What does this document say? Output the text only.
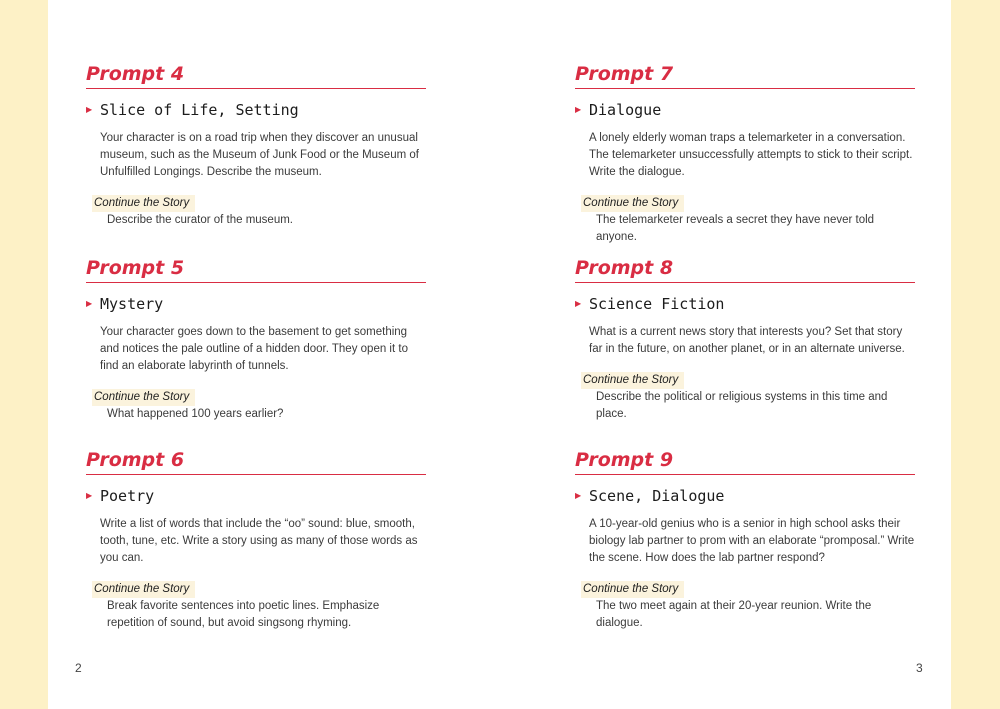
Prompt 4
▶ Slice of Life, Setting
Your character is on a road trip when they discover an unusual museum, such as the Museum of Junk Food or the Museum of Unfulfilled Longings. Describe the museum.
Continue the Story
Describe the curator of the museum.
Prompt 5
▶ Mystery
Your character goes down to the basement to get something and notices the pale outline of a hidden door. They open it to find an elaborate labyrinth of tunnels.
Continue the Story
What happened 100 years earlier?
Prompt 6
▶ Poetry
Write a list of words that include the “oo” sound: blue, smooth, tooth, tune, etc. Write a story using as many of those words as you can.
Continue the Story
Break favorite sentences into poetic lines. Emphasize repetition of sound, but avoid singsong rhyming.
2
Prompt 7
▶ Dialogue
A lonely elderly woman traps a telemarketer in a conversation. The telemarketer unsuccessfully attempts to stick to their script. Write the dialogue.
Continue the Story
The telemarketer reveals a secret they have never told anyone.
Prompt 8
▶ Science Fiction
What is a current news story that interests you? Set that story far in the future, on another planet, or in an alternate universe.
Continue the Story
Describe the political or religious systems in this time and place.
Prompt 9
▶ Scene, Dialogue
A 10-year-old genius who is a senior in high school asks their biology lab partner to prom with an elaborate “promposal.” Write the scene. How does the lab partner respond?
Continue the Story
The two meet again at their 20-year reunion. Write the dialogue.
3
